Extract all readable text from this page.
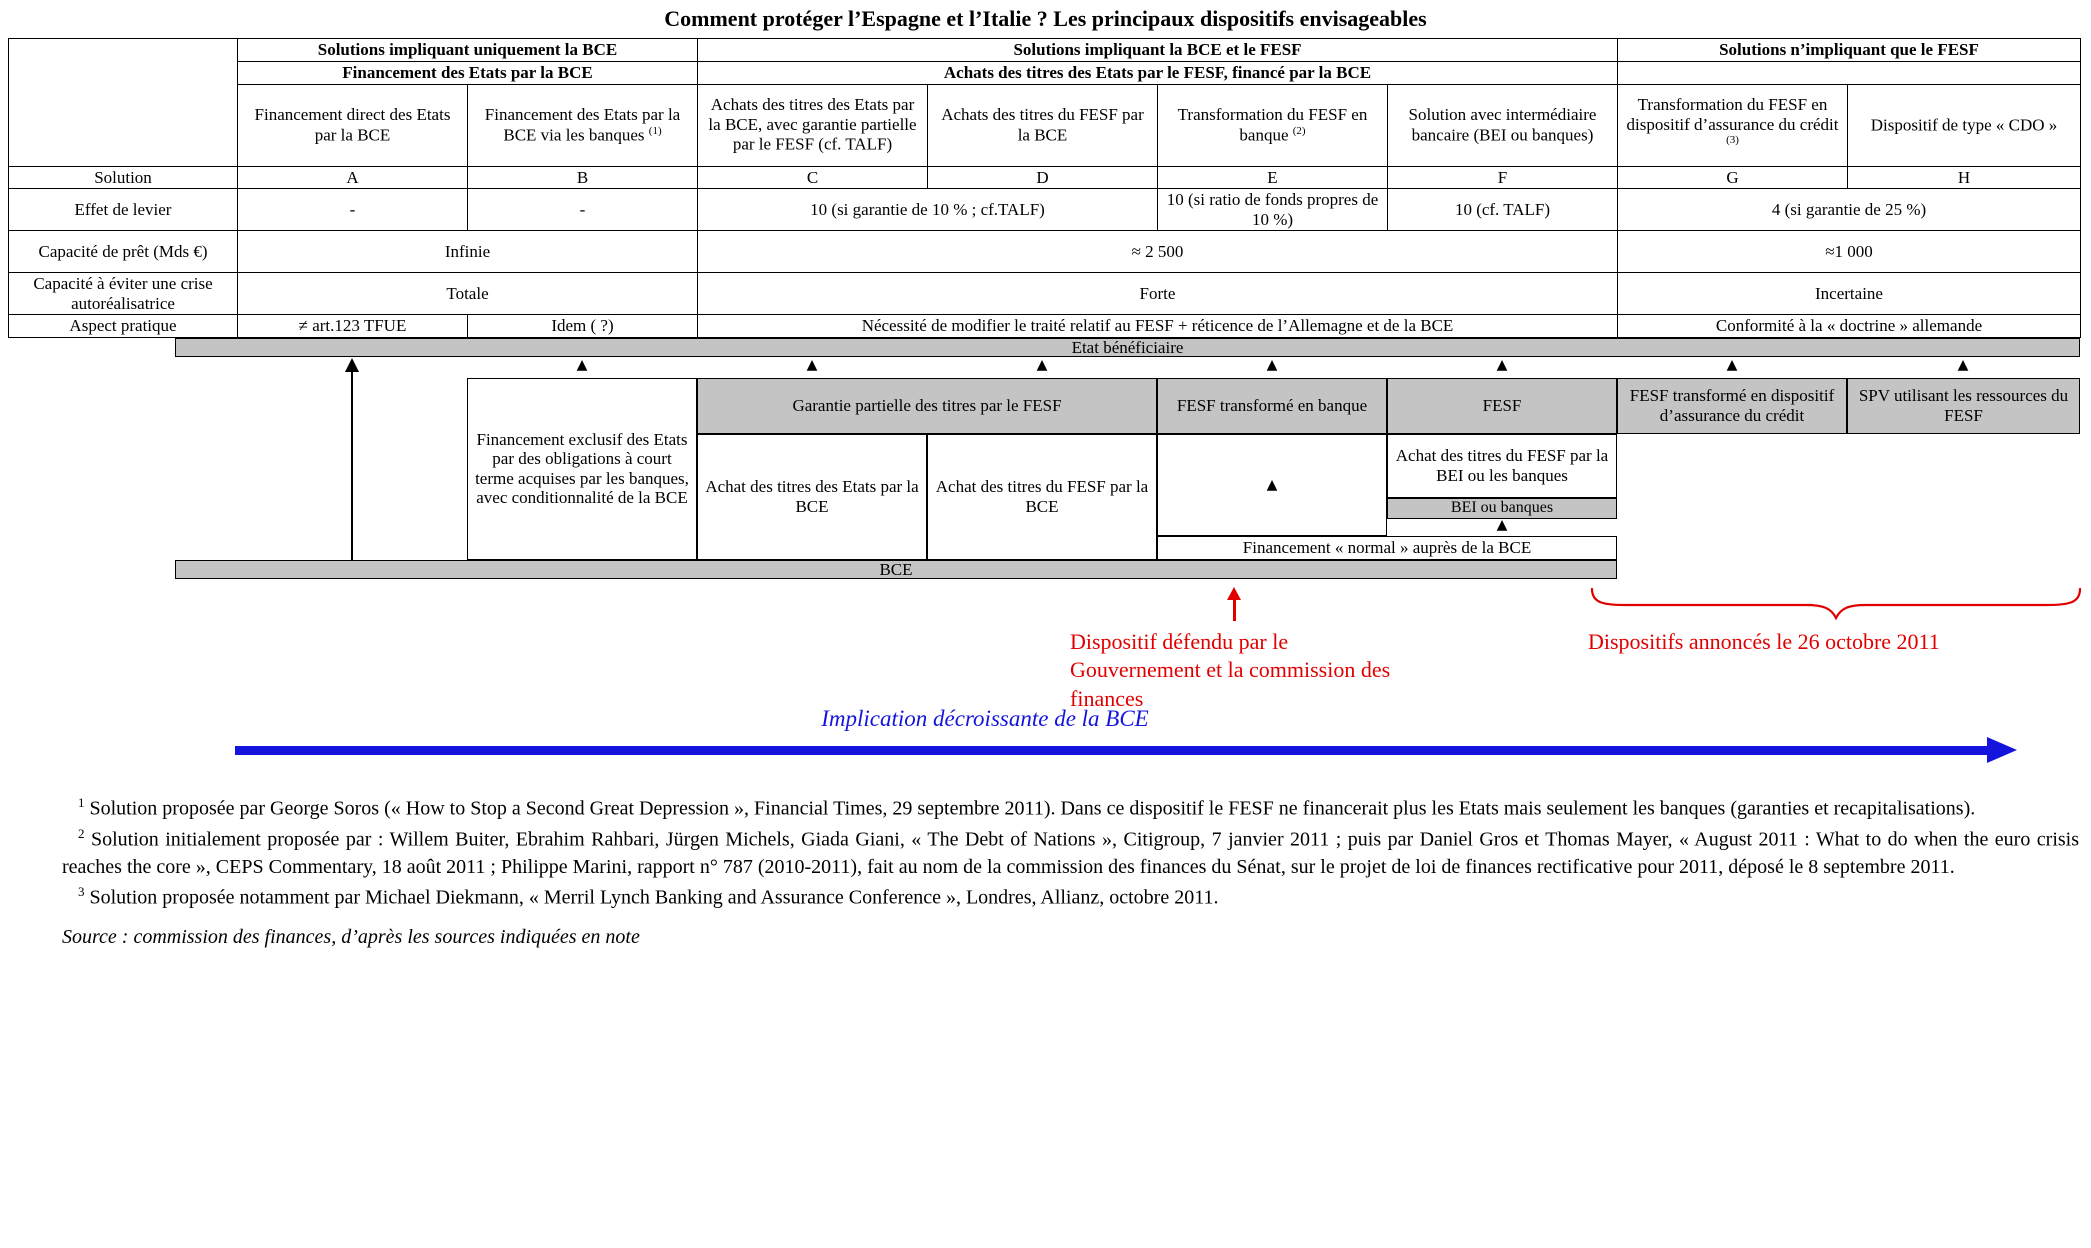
Comment protéger l’Espagne et l’Italie ? Les principaux dispositifs envisageables
	Solutions impliquant uniquement la BCE		Solutions impliquant la BCE et le FESF				Solutions n’impliquant que le FESF	
	Financement des Etats par la BCE		Achats des titres des Etats par le FESF, financé par la BCE					
	Financement direct des Etats par la BCE	Financement des Etats par la BCE via les banques $^{(1)}$	Achats des titres des Etats par la BCE, avec garantie partielle par le FESF (cf. TALF)	Achats des titres du FESF par la BCE	Transformation du FESF en banque $^{(2)}$	Solution avec intermédiaire bancaire (BEI ou banques)	Transformation du FESF en dispositif d’assurance du crédit $^{(3)}$	Dispositif de type « CDO »
Solution	A	B	C	D	E	F	G	H
Effet de levier	-	-	10 (si garantie de 10 % ; cf.TALF)		10 (si ratio de fonds propres de 10 %)	10 (cf. TALF)	4 (si garantie de 25 %)	
Capacité de prêt (Mds €)	Infinie		≈ 2 500				≈1 000	
Capacité à éviter une crise autoréalisatrice	Totale		Forte				Incertaine	
Aspect pratique	≠ art.123 TFUE	Idem ( ?)	Nécessité de modifier le traité relatif au FESF + réticence de l’Allemagne et de la BCE				Conformité à la « doctrine » allemande	
Etat bénéficiaire
▲	▲	▲	▲	▲	▲	▲
Financement exclusif des Etats par des obligations à court terme acquises par les banques, avec conditionnalité de la BCE
Garantie partielle des titres par le FESF
Achat des titres des Etats par la BCE
Achat des titres du FESF par la BCE
FESF transformé en banque
▲
FESF
Achat des titres du FESF par la BEI ou les banques
BEI ou banques
▲
Financement « normal » auprès de la BCE
FESF transformé en dispositif d’assurance du crédit
SPV utilisant les ressources du FESF
BCE
Dispositif défendu par le Gouvernement et la commission des finances
Dispositifs annoncés le 26 octobre 2011
Implication décroissante de la BCE

$^1$ Solution proposée par George Soros (« How to Stop a Second Great Depression », Financial Times, 29 septembre 2011). Dans ce dispositif le FESF ne financerait plus les Etats mais seulement les banques (garanties et recapitalisations).

$^2$ Solution initialement proposée par : Willem Buiter, Ebrahim Rahbari, Jürgen Michels, Giada Giani, « The Debt of Nations », Citigroup, 7 janvier 2011 ; puis par Daniel Gros et Thomas Mayer, « August 2011 : What to do when the euro crisis reaches the core », CEPS Commentary, 18 août 2011 ; Philippe Marini, rapport n° 787 (2010-2011), fait au nom de la commission des finances du Sénat, sur le projet de loi de finances rectificative pour 2011, déposé le 8 septembre 2011.

$^3$ Solution proposée notamment par Michael Diekmann, « Merril Lynch Banking and Assurance Conference », Londres, Allianz, octobre 2011.

Source : commission des finances, d’après les sources indiquées en note
